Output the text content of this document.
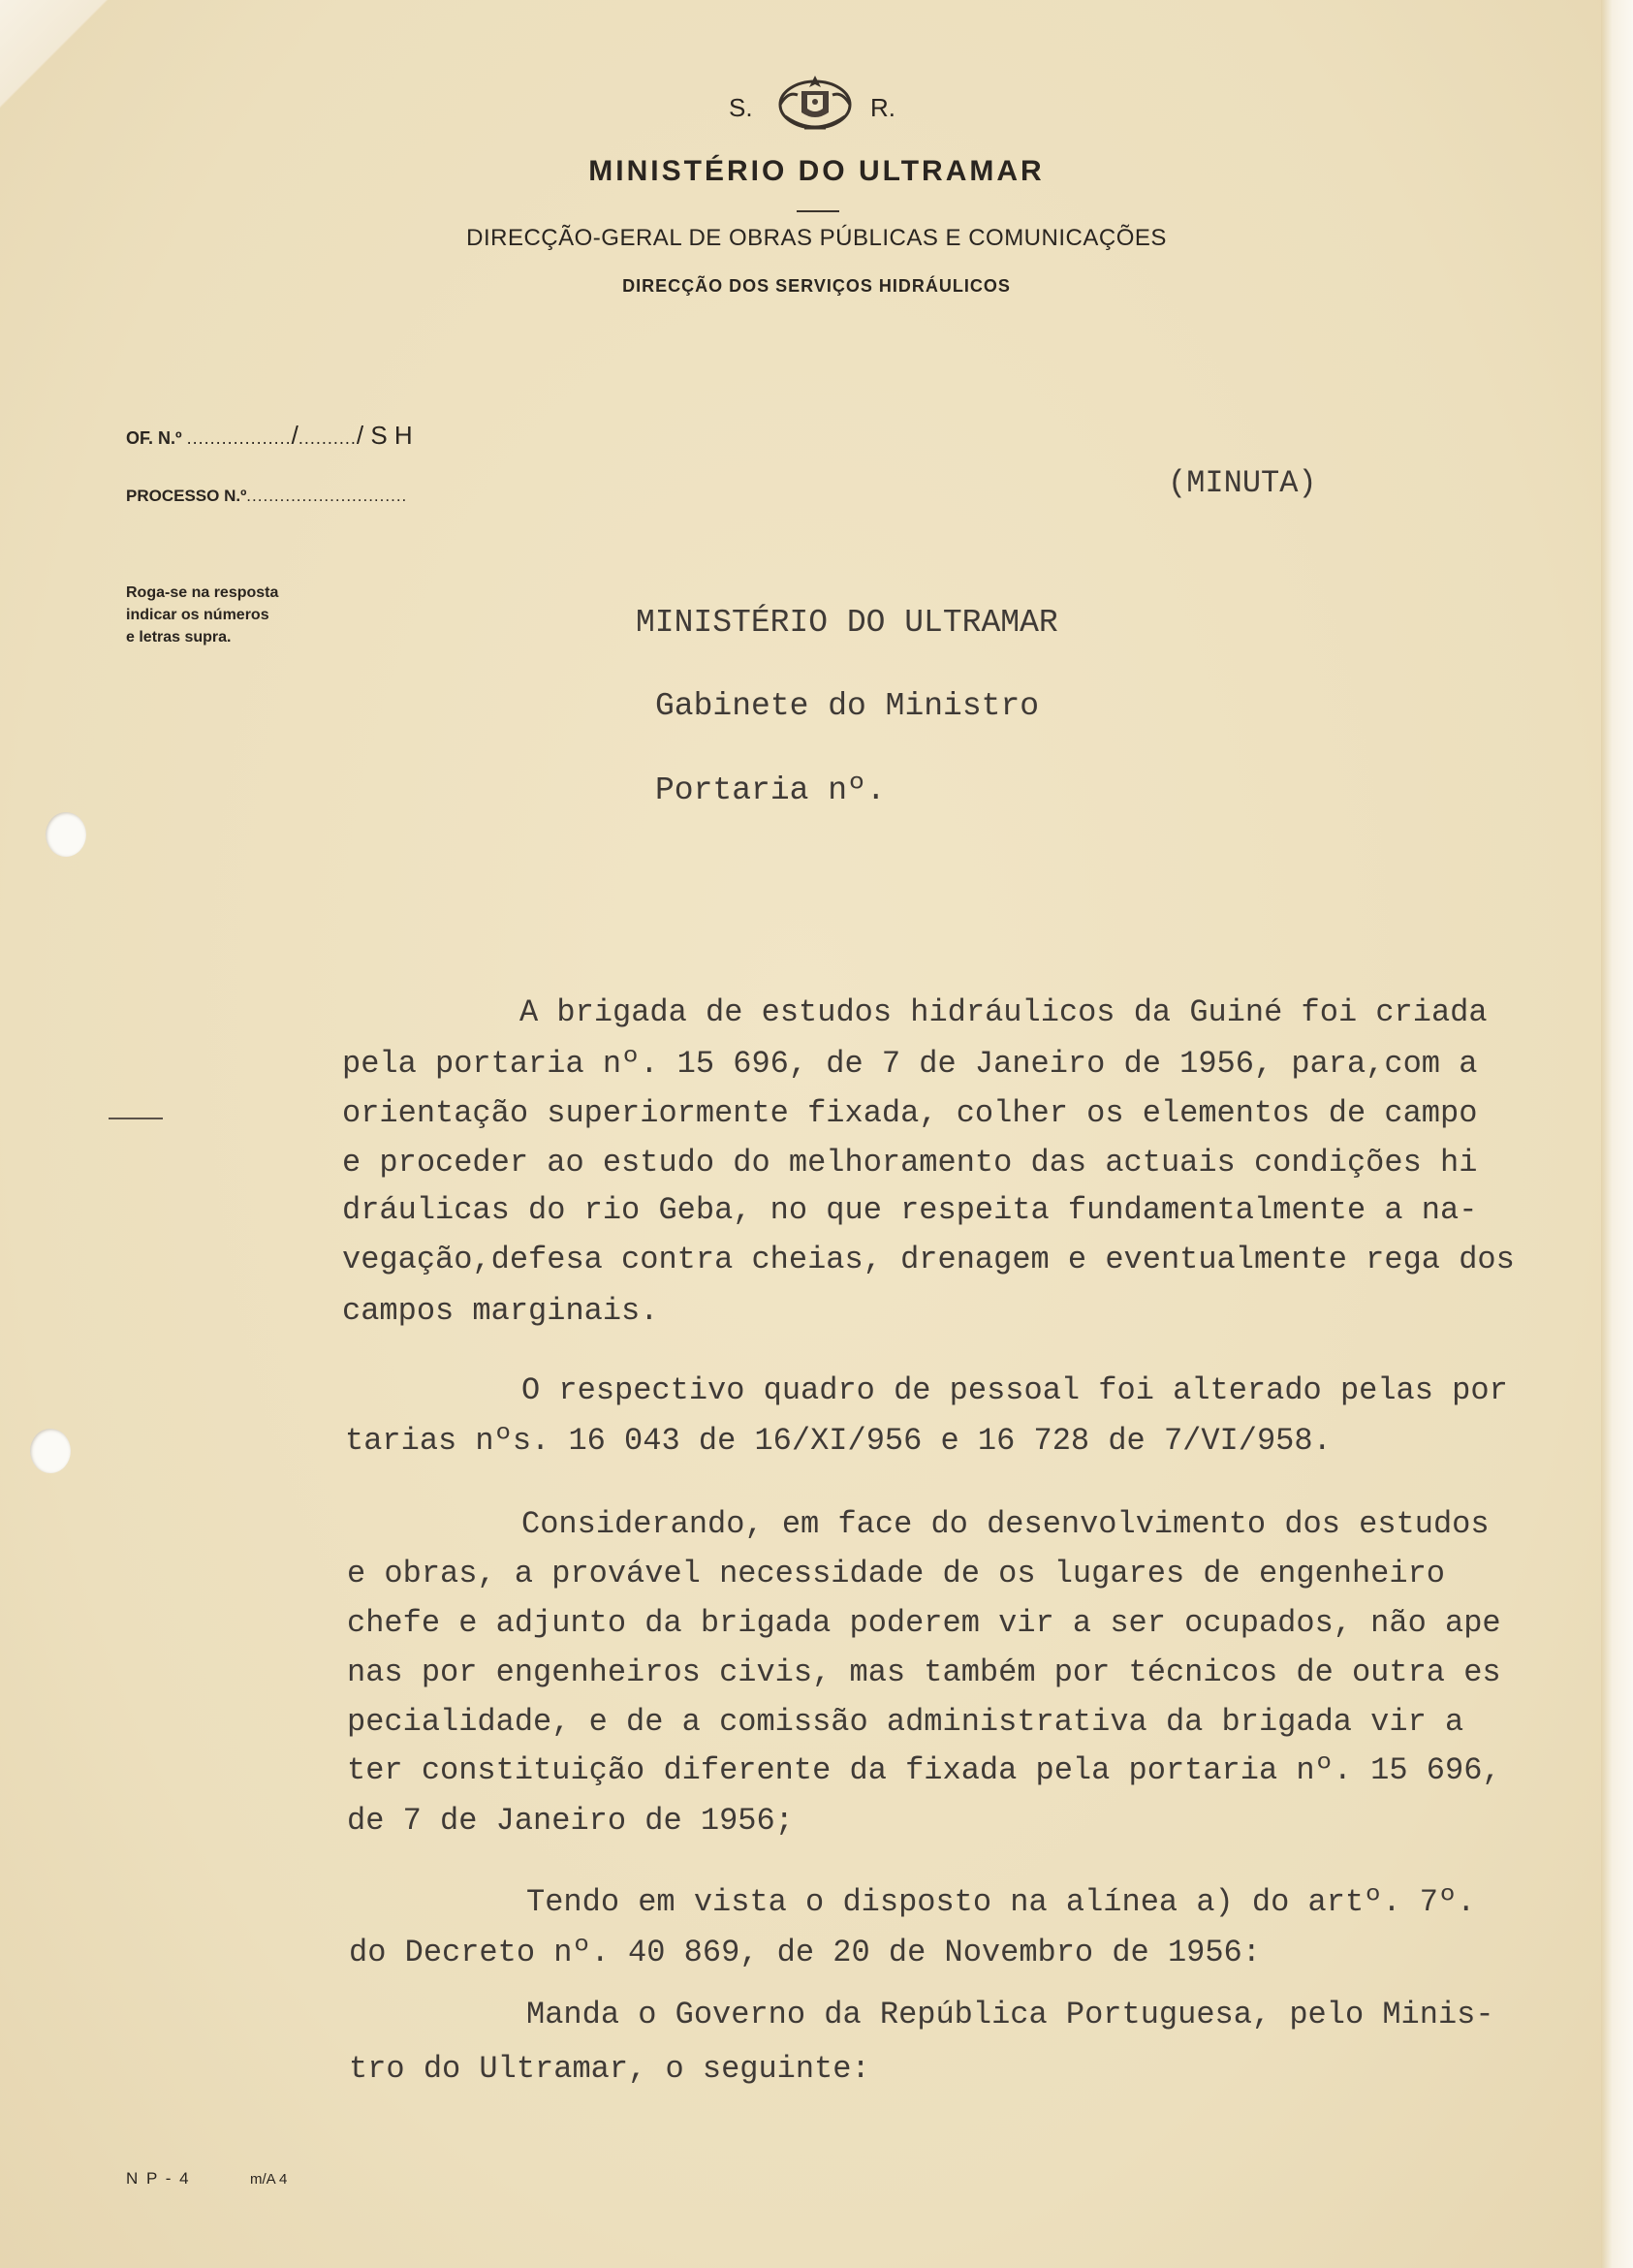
S.	R.
MINISTÉRIO DO ULTRAMAR
DIRECÇÃO-GERAL DE OBRAS PÚBLICAS E COMUNICAÇÕES
DIRECÇÃO DOS SERVIÇOS HIDRÁULICOS
OF. N.º ................../........../ S H
PROCESSO N.º.............................
Roga-se na resposta
indicar os números
e letras supra.
(MINUTA)
MINISTÉRIO DO ULTRAMAR
Gabinete do Ministro
Portaria nº.
A brigada de estudos hidráulicos da Guiné foi criada
pela portaria nº. 15 696, de 7 de Janeiro de 1956, para,com a
orientação superiormente fixada, colher os elementos de campo
e proceder ao estudo do melhoramento das actuais condições hi
dráulicas do rio Geba, no que respeita fundamentalmente a na-
vegação,defesa contra cheias, drenagem e eventualmente rega dos
campos marginais.
O respectivo quadro de pessoal foi alterado pelas por
tarias nºs. 16 043 de 16/XI/956 e 16 728 de 7/VI/958.
Considerando, em face do desenvolvimento dos estudos
e obras, a provável necessidade de os lugares de engenheiro
chefe e adjunto da brigada poderem vir a ser ocupados, não ape
nas por engenheiros civis, mas também por técnicos de outra es
pecialidade, e de a comissão administrativa da brigada vir a
ter constituição diferente da fixada pela portaria nº. 15 696,
de 7 de Janeiro de 1956;
Tendo em vista o disposto na alínea a) do artº. 7º.
do Decreto nº. 40 869, de 20 de Novembro de 1956:
Manda o Governo da República Portuguesa, pelo Minis-
tro do Ultramar, o seguinte:
N P - 4	m/A 4
